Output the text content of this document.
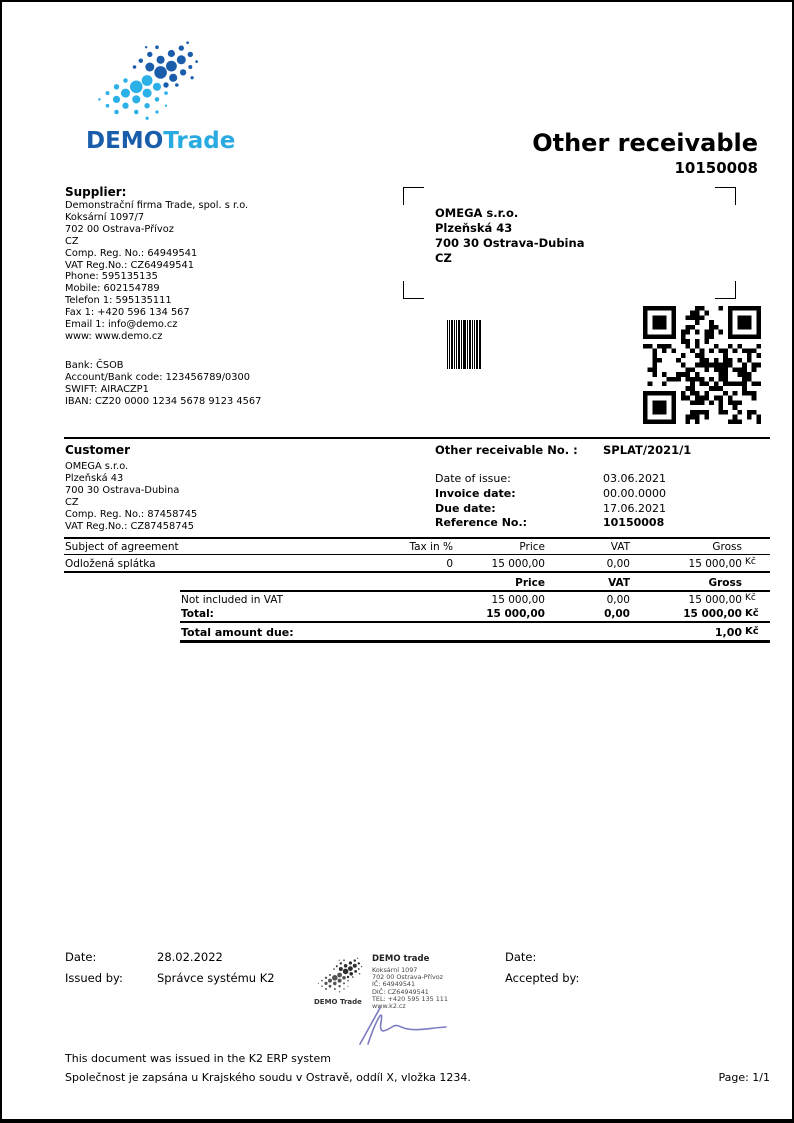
DEMOTrade	Other receivable
10150008
Supplier:
Demonstrační firma Trade, spol. s r.o.
Koksární 1097/7
702 00 Ostrava-Přívoz
CZ
Comp. Reg. No.: 64949541
VAT Reg.No.: CZ64949541
Phone: 595135135
Mobile: 602154789
Telefon 1: 595135111
Fax 1: +420 596 134 567
Email 1: info@demo.cz
www: www.demo.cz
Bank: ČSOB
Account/Bank code: 123456789/0300
SWIFT: AIRACZP1
IBAN: CZ20 0000 1234 5678 9123 4567
OMEGA s.r.o.
Plzeňská 43
700 30 Ostrava-Dubina
CZ
Customer
OMEGA s.r.o.
Plzeňská 43
700 30 Ostrava-Dubina
CZ
Comp. Reg. No.: 87458745
VAT Reg.No.: CZ87458745
Other receivable No. : SPLAT/2021/1
Date of issue:	03.06.2021
Invoice date:	00.00.0000
Due date:	17.06.2021
Reference No.:	10150008
Subject of agreement	Tax in %	Price	VAT	Gross
Odložená splátka	0	15 000,00	0,00	15 000,00 Kč
Price	VAT	Gross
Not included in VAT	15 000,00	0,00	15 000,00 Kč
Total:	15 000,00	0,00	15 000,00 Kč
Total amount due:	1,00 Kč
Date:	28.02.2022
Issued by:	Správce systému K2
DEMO Trade
DEMO trade
Koksární 1097
702 00 Ostrava-Přívoz
IČ: 64949541
DIČ: CZ64949541
TEL: +420 595 135 111
www.k2.cz
Date:
Accepted by:
This document was issued in the K2 ERP system
Společnost je zapsána u Krajského soudu v Ostravě, oddíl X, vložka 1234.	Page: 1/1
